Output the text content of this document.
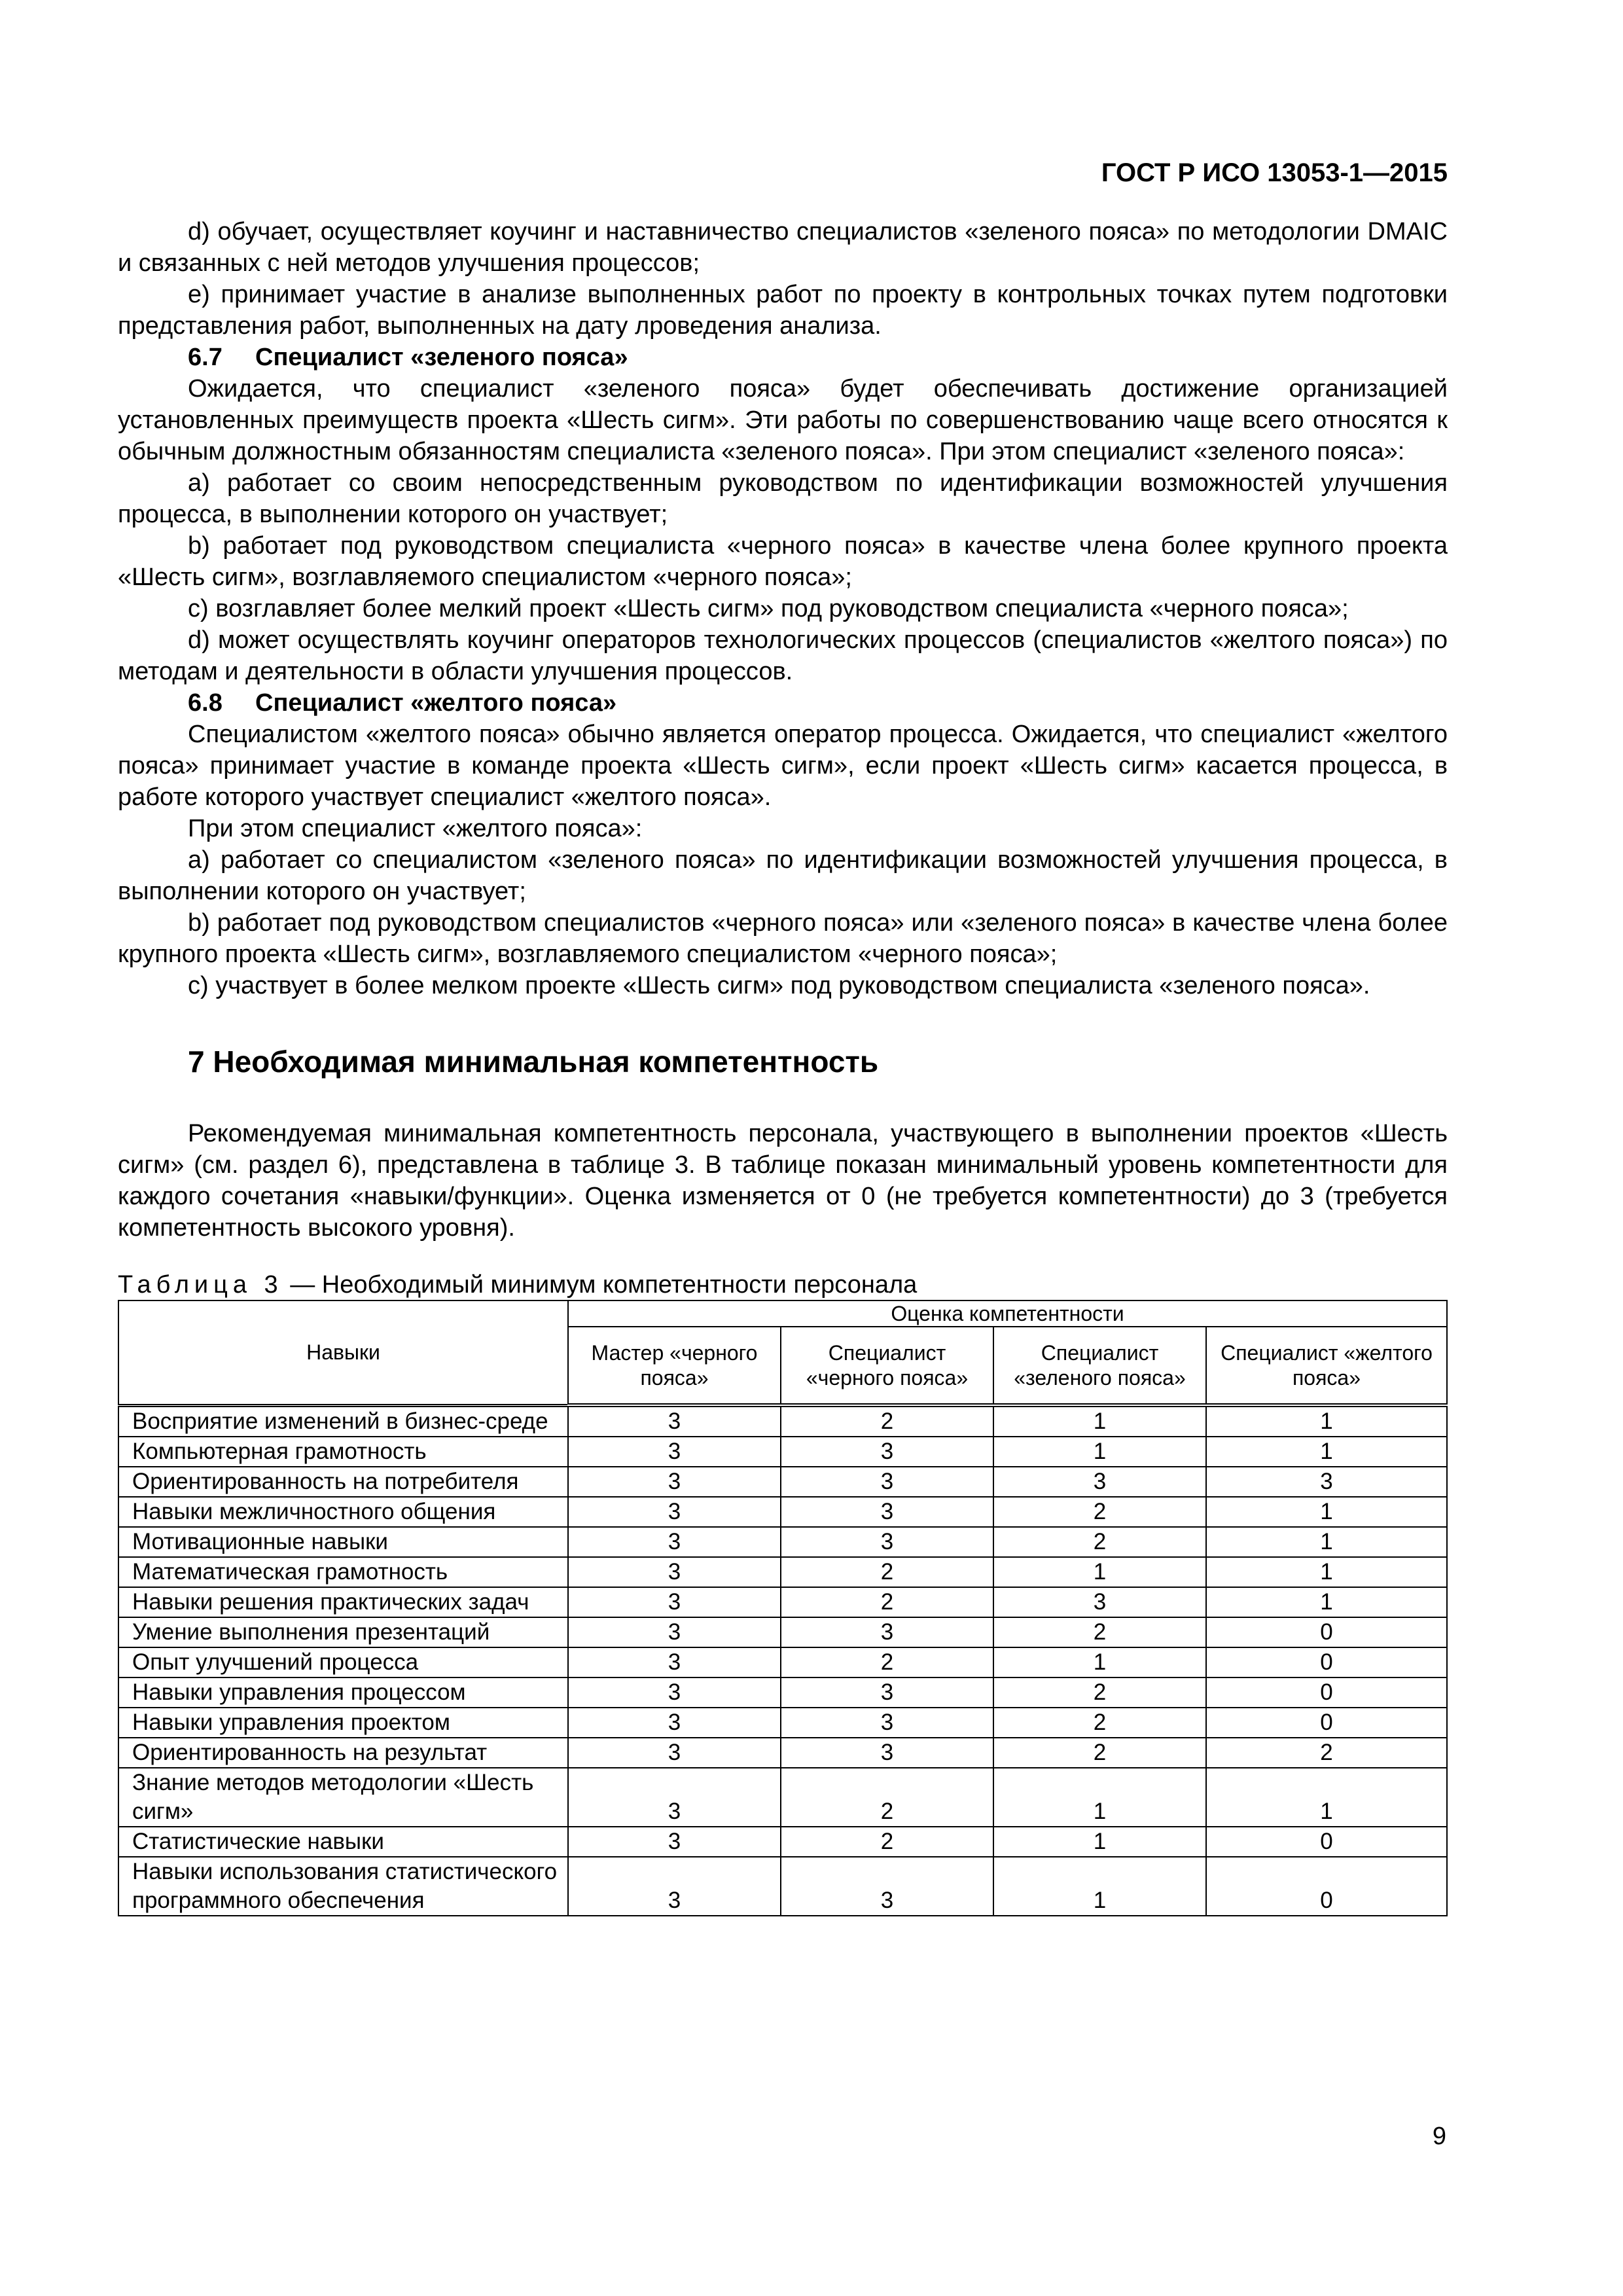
ГОСТ Р ИСО 13053-1—2015

d) обучает, осуществляет коучинг и наставничество специалистов «зеленого пояса» по методологии DMAIC и связанных с ней методов улучшения процессов;

e) принимает участие в анализе выполненных работ по проекту в контрольных точках путем подготовки представления работ, выполненных на дату лроведения анализа.

6.7 Специалист «зеленого пояса»

Ожидается, что специалист «зеленого пояса» будет обеспечивать достижение организацией установленных преимуществ проекта «Шесть сигм». Эти работы по совершенствованию чаще всего относятся к обычным должностным обязанностям специалиста «зеленого пояса». При этом специалист «зеленого пояса»:

a) работает со своим непосредственным руководством по идентификации возможностей улучшения процесса, в выполнении которого он участвует;

b) работает под руководством специалиста «черного пояса» в качестве члена более крупного проекта «Шесть сигм», возглавляемого специалистом «черного пояса»;

c) возглавляет более мелкий проект «Шесть сигм» под руководством специалиста «черного пояса»;

d) может осуществлять коучинг операторов технологических процессов (специалистов «желтого пояса») по методам и деятельности в области улучшения процессов.

6.8 Специалист «желтого пояса»

Специалистом «желтого пояса» обычно является оператор процесса. Ожидается, что специалист «желтого пояса» принимает участие в команде проекта «Шесть сигм», если проект «Шесть сигм» касается процесса, в работе которого участвует специалист «желтого пояса».

При этом специалист «желтого пояса»:

a) работает со специалистом «зеленого пояса» по идентификации возможностей улучшения процесса, в выполнении которого он участвует;

b) работает под руководством специалистов «черного пояса» или «зеленого пояса» в качестве члена более крупного проекта «Шесть сигм», возглавляемого специалистом «черного пояса»;

c) участвует в более мелком проекте «Шесть сигм» под руководством специалиста «зеленого пояса».

7 Необходимая минимальная компетентность

Рекомендуемая минимальная компетентность персонала, участвующего в выполнении проектов «Шесть сигм» (см. раздел 6), представлена в таблице 3. В таблице показан минимальный уровень компетентности для каждого сочетания «навыки/функции». Оценка изменяется от 0 (не требуется компетентности) до 3 (требуется компетентность высокого уровня).

Таблица 3 — Необходимый минимум компетентности персонала
Навыки	Оценка компетентности			
	Мастер «черного пояса»	Специалист «черного пояса»	Специалист «зеленого пояса»	Специалист «желтого пояса»
Восприятие изменений в бизнес-среде	3	2	1	1
Компьютерная грамотность	3	3	1	1
Ориентированность на потребителя	3	3	3	3
Навыки межличностного общения	3	3	2	1
Мотивационные навыки	3	3	2	1
Математическая грамотность	3	2	1	1
Навыки решения практических задач	3	2	3	1
Умение выполнения презентаций	3	3	2	0
Опыт улучшений процесса	3	2	1	0
Навыки управления процессом	3	3	2	0
Навыки управления проектом	3	3	2	0
Ориентированность на результат	3	3	2	2
Знание методов методологии «Шесть сигм»	3	2	1	1
Статистические навыки	3	2	1	0
Навыки использования статистического программного обеспечения	3	3	1	0
9
